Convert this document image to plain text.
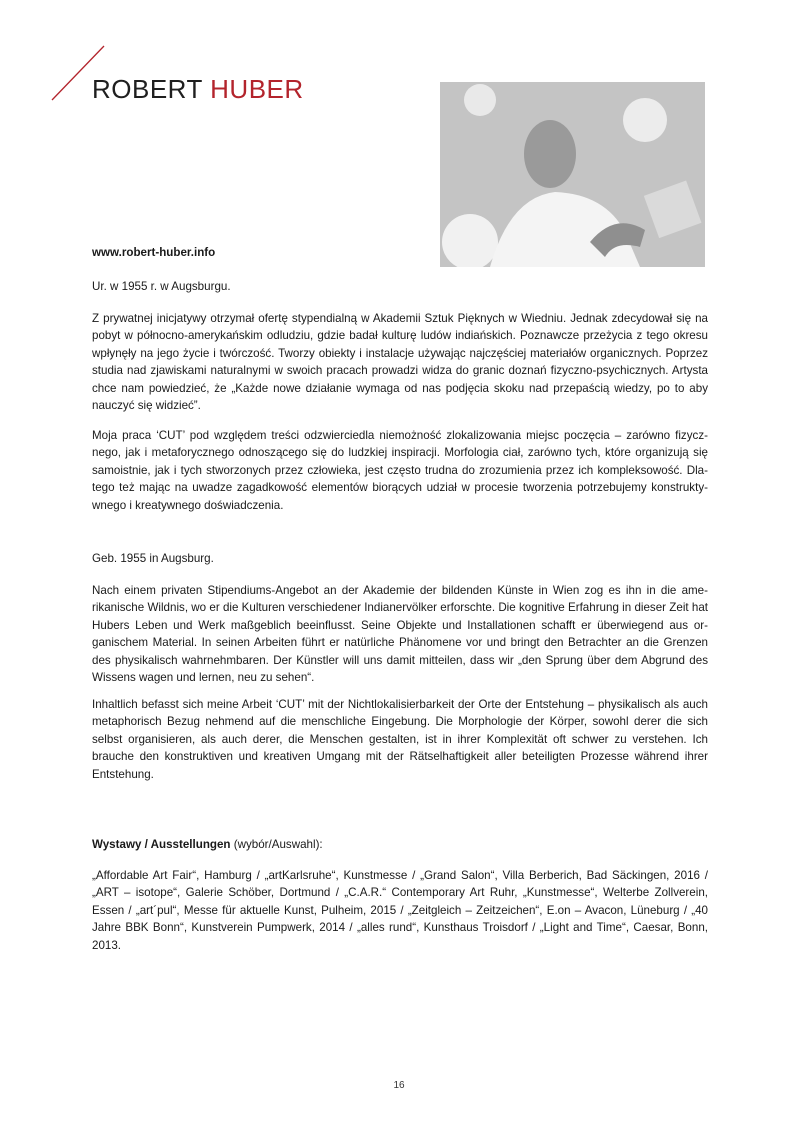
ROBERT HUBER
www.robert-huber.info

Ur. w 1955 r. w Augsburgu.

Z prywatnej inicjatywy otrzymał ofertę stypendialną w Akademii Sztuk Pięknych w Wiedniu. Jednak zdecydował się na pobyt w północno-amerykańskim odludziu, gdzie badał kulturę ludów indiańskich. Poznawcze przeżycia z tego okresu wpłynęły na jego życie i twórczość. Tworzy obiekty i instalacje używając najczęściej materiałów organicznych. Poprzez studia nad zjawiskami naturalnymi w swoich pracach prowadzi widza do granic doznań fizyczno-psychicznych. Artysta chce nam powiedzieć, że „Każde nowe działanie wymaga od nas podjęcia skoku nad przepaścią wiedzy, po to aby nauczyć się widzieć”.

Moja praca ‘CUT’ pod względem treści odzwierciedla niemożność zlokalizowania miejsc poczęcia – zarówno fizycznego, jak i metaforycznego odnoszącego się do ludzkiej inspiracji. Morfologia ciał, zarówno tych, które organizują się samoistnie, jak i tych stworzonych przez człowieka, jest często trudna do zrozumienia przez ich kompleksowość. Dlatego też mając na uwadze zagadkowość elementów biorących udział w procesie tworzenia potrzebujemy konstruktywnego i kreatywnego doświadczenia.

Geb. 1955 in Augsburg.

Nach einem privaten Stipendiums-Angebot an der Akademie der bildenden Künste in Wien zog es ihn in die amerikanische Wildnis, wo er die Kulturen verschiedener Indianervölker erforschte. Die kognitive Erfahrung in dieser Zeit hat Hubers Leben und Werk maßgeblich beeinflusst. Seine Objekte und Installationen schafft er überwiegend aus organischem Material. In seinen Arbeiten führt er natürliche Phänomene vor und bringt den Betrachter an die Grenzen des physikalisch wahrnehmbaren. Der Künstler will uns damit mitteilen, dass wir „den Sprung über dem Abgrund des Wissens wagen und lernen, neu zu sehen“.

Inhaltlich befasst sich meine Arbeit ‘CUT’ mit der Nichtlokalisierbarkeit der Orte der Entstehung – physikalisch als auch metaphorisch Bezug nehmend auf die menschliche Eingebung. Die Morphologie der Körper, sowohl derer die sich selbst organisieren, als auch derer, die Menschen gestalten, ist in ihrer Komplexität oft schwer zu verstehen. Ich brauche den konstruktiven und kreativen Umgang mit der Rätselhaftigkeit aller beteiligten Prozesse während ihrer Entstehung.

Wystawy / Ausstellungen (wybór/Auswahl):

„Affordable Art Fair“, Hamburg / „artKarlsruhe“, Kunstmesse / „Grand Salon“, Villa Berberich, Bad Säckingen, 2016 / „ART – isotope“, Galerie Schöber, Dortmund / „C.A.R.“ Contemporary Art Ruhr, „Kunstmesse“, Welterbe Zollverein, Essen / „art´pul“, Messe für aktuelle Kunst, Pulheim, 2015 / „Zeitgleich – Zeitzeichen“, E.on – Avacon, Lüneburg / „40 Jahre BBK Bonn“, Kunstverein Pumpwerk, 2014 / „alles rund“, Kunsthaus Troisdorf / „Light and Time“, Caesar, Bonn, 2013.

16
